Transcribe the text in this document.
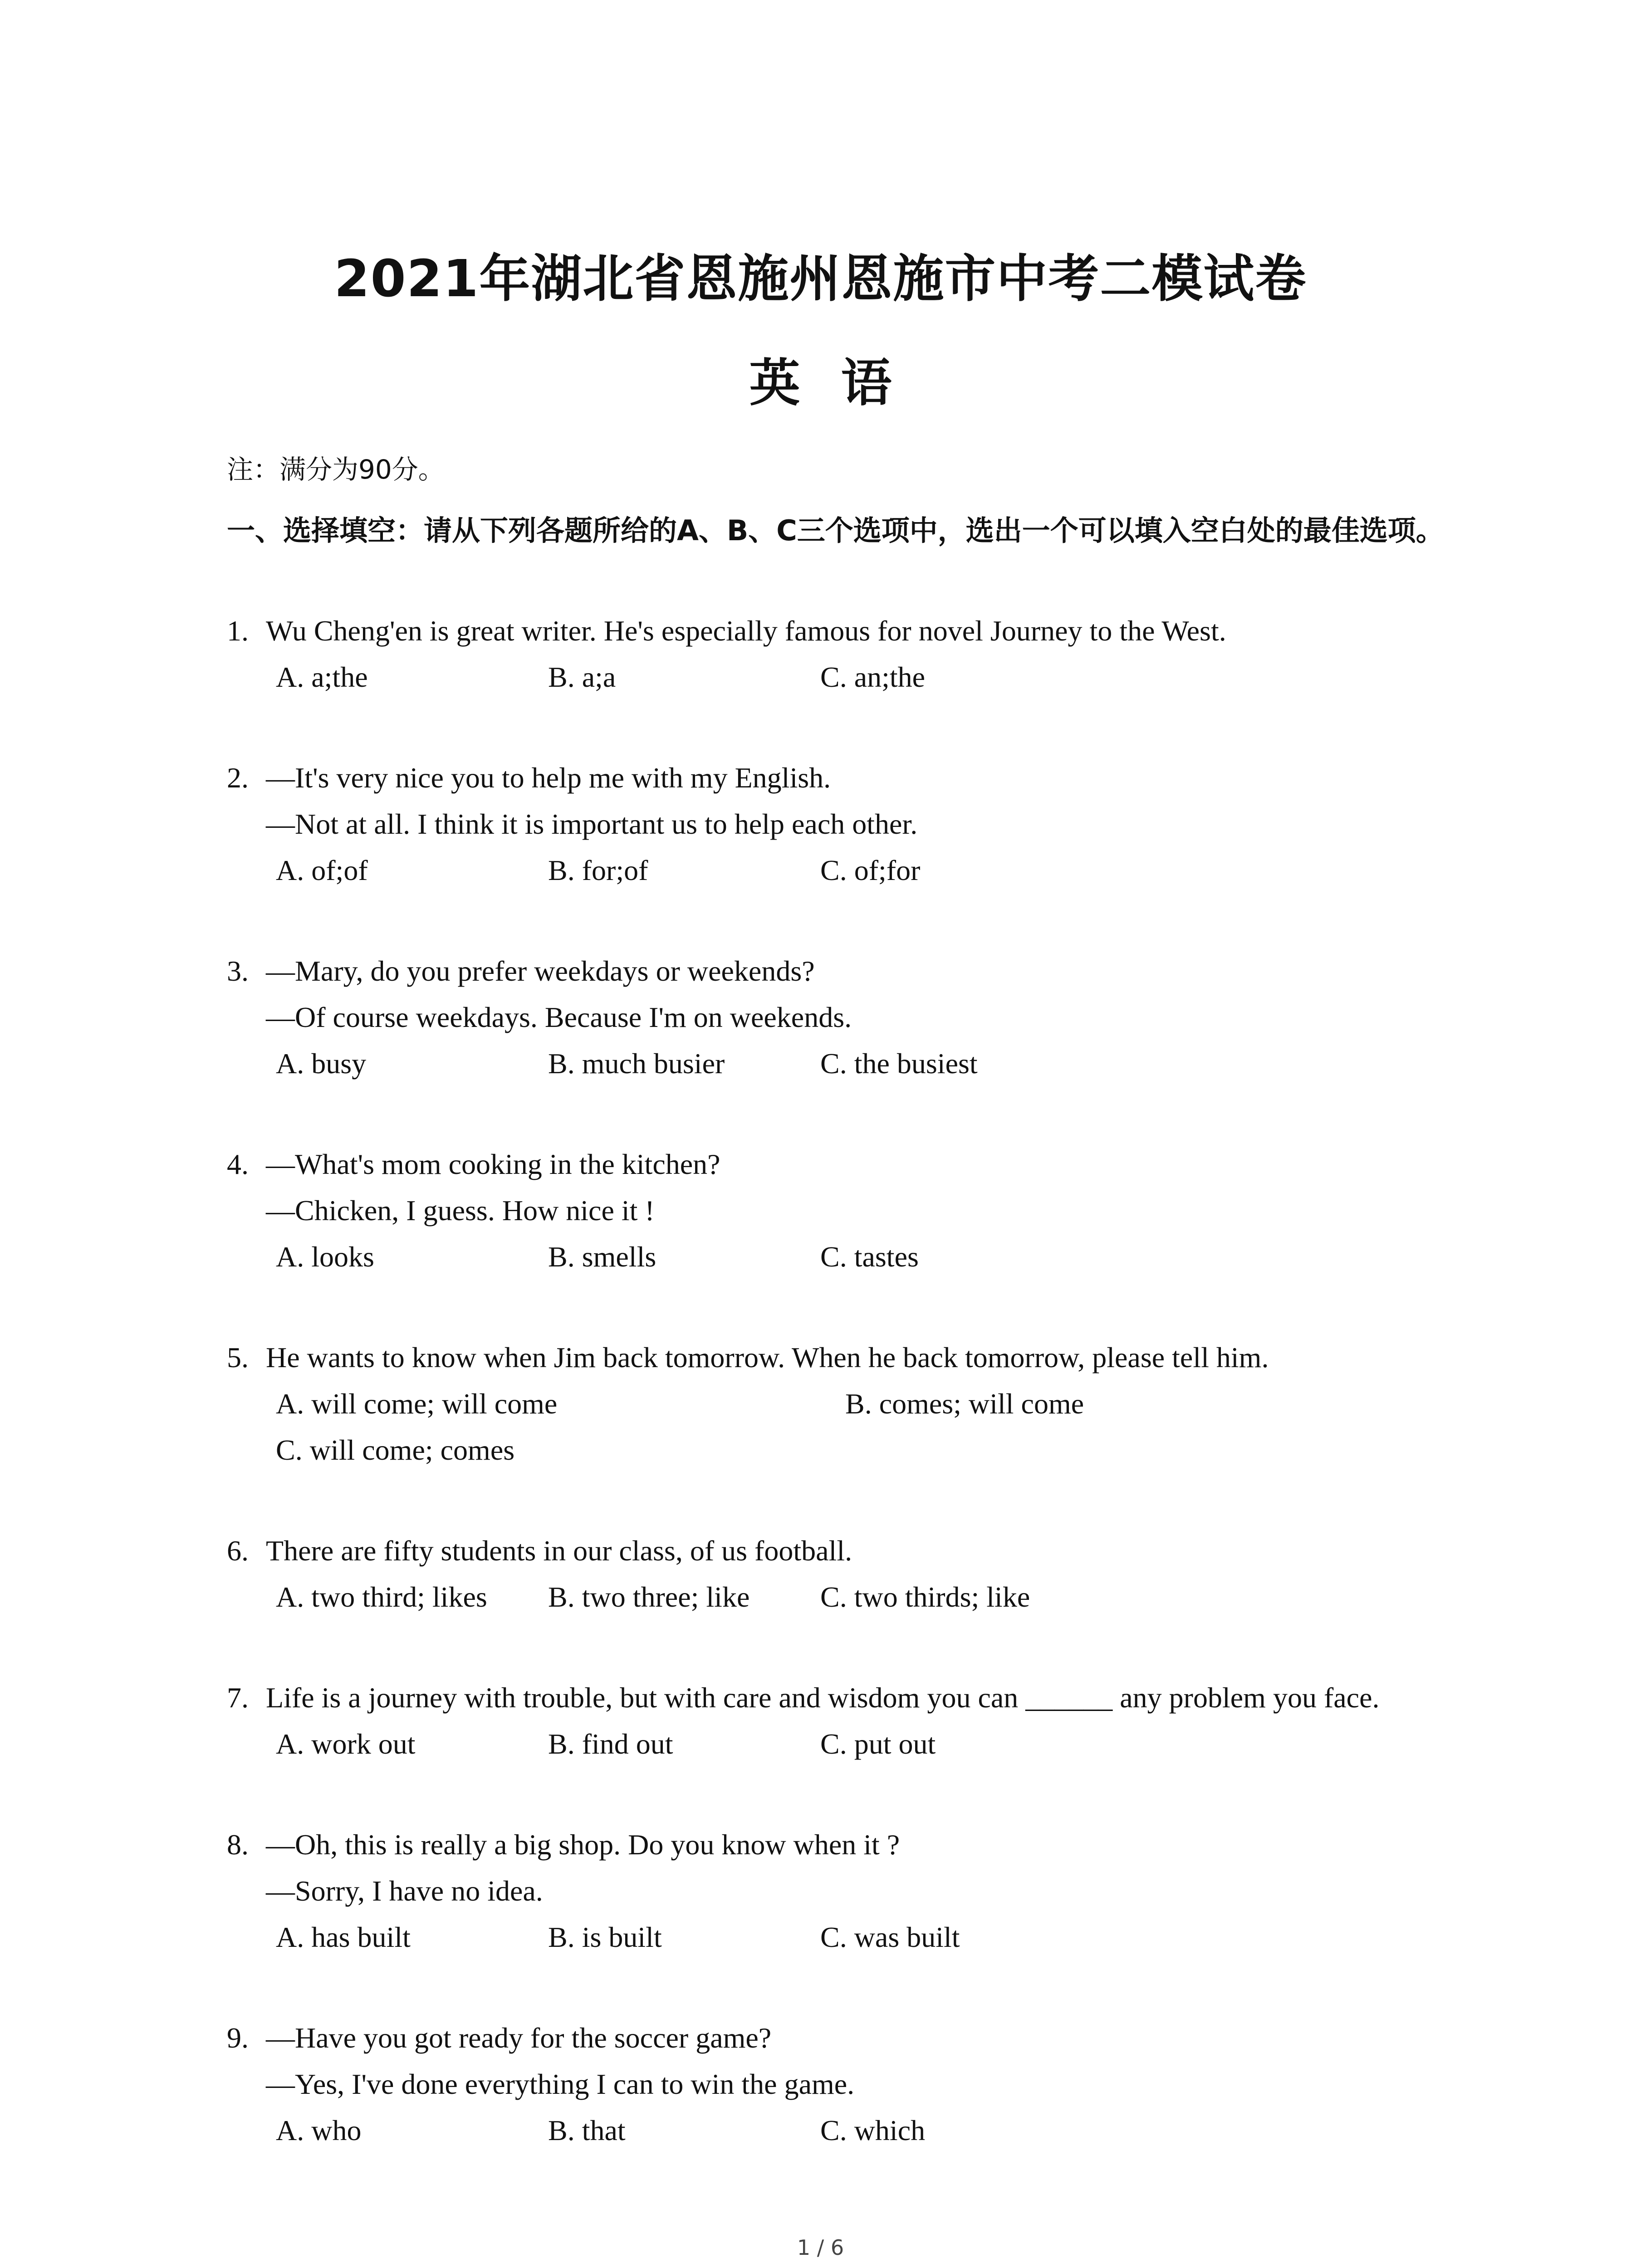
2021年湖北省恩施州恩施市中考二模试卷
英语
注：满分为90分。
一、选择填空：请从下列各题所给的A、B、C三个选项中，选出一个可以填入空白处的最佳选项。
1. Wu Cheng'en is great writer. He's especially famous for novel Journey to the West.
A. a;the	B. a;a	C. an;the
2. —It's very nice you to help me with my English.
—Not at all. I think it is important us to help each other.
A. of;of	B. for;of	C. of;for
3. —Mary, do you prefer weekdays or weekends?
—Of course weekdays. Because I'm on weekends.
A. busy	B. much busier	C. the busiest
4. —What's mom cooking in the kitchen?
—Chicken, I guess. How nice it !
A. looks	B. smells	C. tastes
5. He wants to know when Jim back tomorrow. When he back tomorrow, please tell him.
A. will come; will come	B. comes; will come
C. will come; comes
6. There are fifty students in our class, of us football.
A. two third; likes	B. two three; like	C. two thirds; like
7. Life is a journey with trouble, but with care and wisdom you can ______ any problem you face.
A. work out	B. find out	C. put out
8. —Oh, this is really a big shop. Do you know when it ?
—Sorry, I have no idea.
A. has built	B. is built	C. was built
9. —Have you got ready for the soccer game?
—Yes, I've done everything I can to win the game.
A. who	B. that	C. which
1 / 6
